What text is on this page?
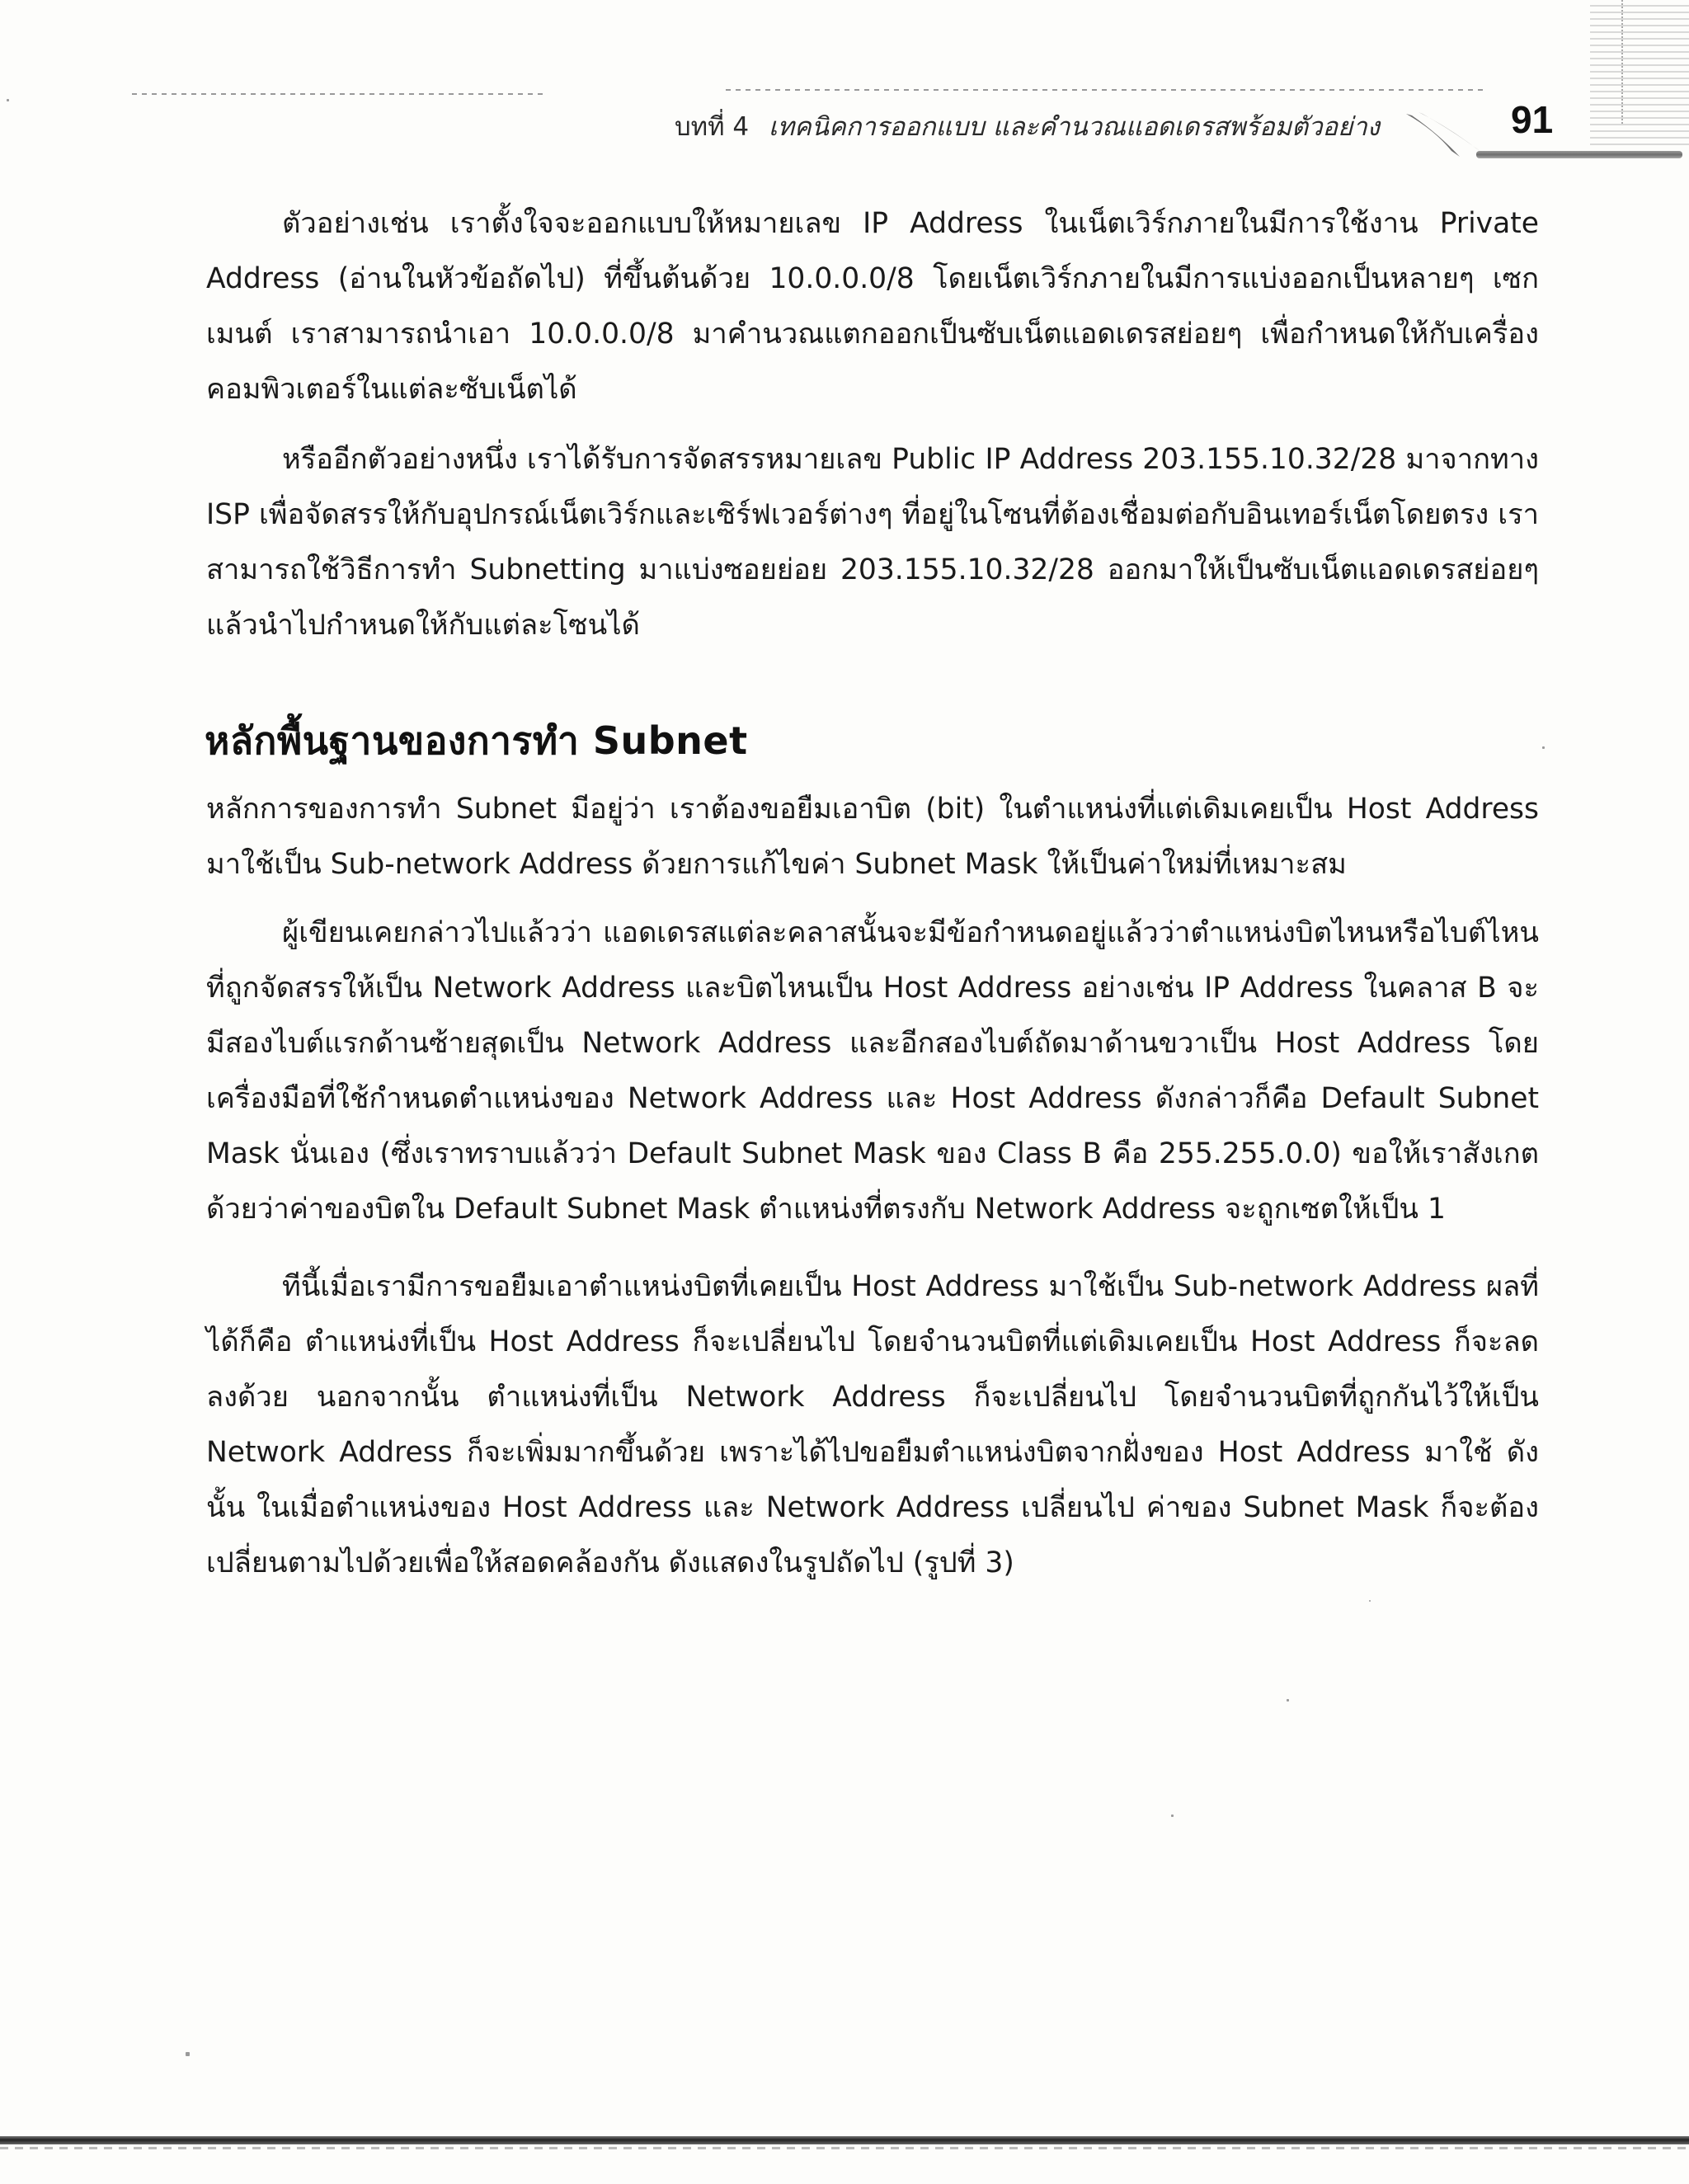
บทที่ 4 เทคนิคการออกแบบ และคำนวณแอดเดรสพร้อมตัวอย่าง	91

ตัวอย่างเช่น เราตั้งใจจะออกแบบให้หมายเลข IP Address ในเน็ตเวิร์กภายในมีการใช้งาน Private Address (อ่านในหัวข้อถัดไป) ที่ขึ้นต้นด้วย 10.0.0.0/8 โดยเน็ตเวิร์กภายในมีการแบ่งออกเป็นหลายๆ เซกเมนต์ เราสามารถนำเอา 10.0.0.0/8 มาคำนวณแตกออกเป็นซับเน็ตแอดเดรสย่อยๆ เพื่อกำหนดให้กับเครื่องคอมพิวเตอร์ในแต่ละซับเน็ตได้

หรืออีกตัวอย่างหนึ่ง เราได้รับการจัดสรรหมายเลข Public IP Address 203.155.10.32/28 มาจากทาง ISP เพื่อจัดสรรให้กับอุปกรณ์เน็ตเวิร์กและเซิร์ฟเวอร์ต่างๆ ที่อยู่ในโซนที่ต้องเชื่อมต่อกับอินเทอร์เน็ตโดยตรง เราสามารถใช้วิธีการทำ Subnetting มาแบ่งซอยย่อย 203.155.10.32/28 ออกมาให้เป็นซับเน็ตแอดเดรสย่อยๆ แล้วนำไปกำหนดให้กับแต่ละโซนได้

หลักพื้นฐานของการทำ Subnet

หลักการของการทำ Subnet มีอยู่ว่า เราต้องขอยืมเอาบิต (bit) ในตำแหน่งที่แต่เดิมเคยเป็น Host Address มาใช้เป็น Sub-network Address ด้วยการแก้ไขค่า Subnet Mask ให้เป็นค่าใหม่ที่เหมาะสม

ผู้เขียนเคยกล่าวไปแล้วว่า แอดเดรสแต่ละคลาสนั้นจะมีข้อกำหนดอยู่แล้วว่าตำแหน่งบิตไหนหรือไบต์ไหนที่ถูกจัดสรรให้เป็น Network Address และบิตไหนเป็น Host Address อย่างเช่น IP Address ในคลาส B จะมีสองไบต์แรกด้านซ้ายสุดเป็น Network Address และอีกสองไบต์ถัดมาด้านขวาเป็น Host Address โดยเครื่องมือที่ใช้กำหนดตำแหน่งของ Network Address และ Host Address ดังกล่าวก็คือ Default Subnet Mask นั่นเอง (ซึ่งเราทราบแล้วว่า Default Subnet Mask ของ Class B คือ 255.255.0.0) ขอให้เราสังเกตด้วยว่าค่าของบิตใน Default Subnet Mask ตำแหน่งที่ตรงกับ Network Address จะถูกเซตให้เป็น 1

ทีนี้เมื่อเรามีการขอยืมเอาตำแหน่งบิตที่เคยเป็น Host Address มาใช้เป็น Sub-network Address ผลที่ได้ก็คือ ตำแหน่งที่เป็น Host Address ก็จะเปลี่ยนไป โดยจำนวนบิตที่แต่เดิมเคยเป็น Host Address ก็จะลดลงด้วย นอกจากนั้น ตำแหน่งที่เป็น Network Address ก็จะเปลี่ยนไป โดยจำนวนบิตที่ถูกกันไว้ให้เป็น Network Address ก็จะเพิ่มมากขึ้นด้วย เพราะได้ไปขอยืมตำแหน่งบิตจากฝั่งของ Host Address มาใช้ ดังนั้น ในเมื่อตำแหน่งของ Host Address และ Network Address เปลี่ยนไป ค่าของ Subnet Mask ก็จะต้องเปลี่ยนตามไปด้วยเพื่อให้สอดคล้องกัน ดังแสดงในรูปถัดไป (รูปที่ 3)
